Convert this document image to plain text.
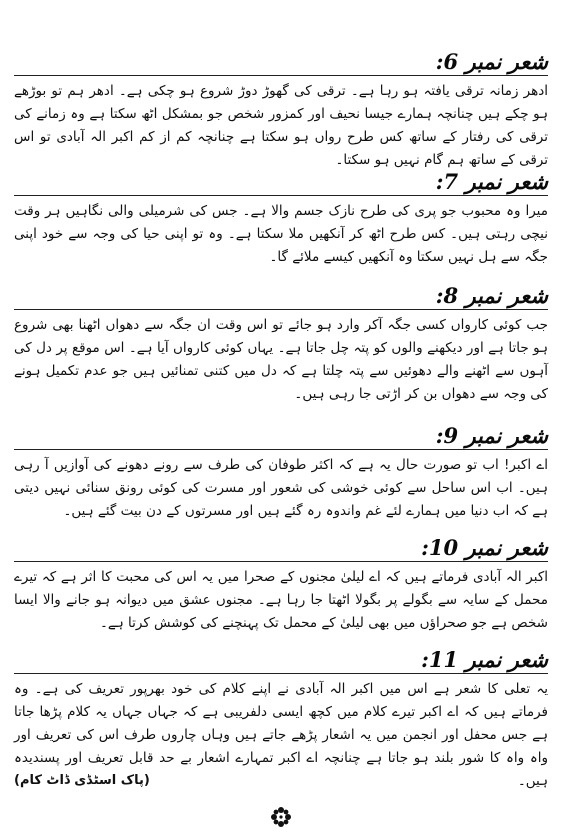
شعر نمبر 6:

ادھر زمانہ ترقی یافتہ ہو رہا ہے۔ ترقی کی گھوڑ دوڑ شروع ہو چکی ہے۔ ادھر ہم تو بوڑھے ہو چکے ہیں چنانچہ ہمارے جیسا نحیف اور کمزور شخص جو بمشکل اٹھ سکتا ہے وہ زمانے کی ترقی کی رفتار کے ساتھ کس طرح رواں ہو سکتا ہے چنانچہ کم از کم اکبر الہ آبادی تو اس ترقی کے ساتھ ہم گام نہیں ہو سکتا۔

شعر نمبر 7:

میرا وہ محبوب جو پری کی طرح نازک جسم والا ہے۔ جس کی شرمیلی والی نگاہیں ہر وقت نیچی رہتی ہیں۔ کس طرح اٹھ کر آنکھیں ملا سکتا ہے۔ وہ تو اپنی حیا کی وجہ سے خود اپنی جگہ سے ہل نہیں سکتا وہ آنکھیں کیسے ملائے گا۔

شعر نمبر 8:

جب کوئی کارواں کسی جگہ آکر وارد ہو جائے تو اس وقت ان جگہ سے دھواں اٹھنا بھی شروع ہو جاتا ہے اور دیکھنے والوں کو پتہ چل جاتا ہے۔ یہاں کوئی کارواں آیا ہے۔ اس موقع پر دل کی آہوں سے اٹھنے والے دھوئیں سے پتہ چلتا ہے کہ دل میں کتنی تمنائیں ہیں جو عدم تکمیل ہونے کی وجہ سے دھواں بن کر اڑتی جا رہی ہیں۔

شعر نمبر 9:

اے اکبر! اب تو صورت حال یہ ہے کہ اکثر طوفان کی طرف سے رونے دھونے کی آوازیں آ رہی ہیں۔ اب اس ساحل سے کوئی خوشی کی شعور اور مسرت کی کوئی رونق سنائی نہیں دیتی ہے کہ اب دنیا میں ہمارے لئے غم واندوہ رہ گئے ہیں اور مسرتوں کے دن بیت گئے ہیں۔

شعر نمبر 10:

اکبر الہ آبادی فرماتے ہیں کہ اے لیلیٰ مجنوں کے صحرا میں یہ اس کی محبت کا اثر ہے کہ تیرے محمل کے سایہ سے بگولے پر بگولا اٹھتا جا رہا ہے۔ مجنوں عشق میں دیوانہ ہو جانے والا ایسا شخص ہے جو صحراؤں میں بھی لیلیٰ کے محمل تک پہنچنے کی کوشش کرتا ہے۔

شعر نمبر 11:

یہ تعلی کا شعر ہے اس میں اکبر الہ آبادی نے اپنے کلام کی خود بھرپور تعریف کی ہے۔ وہ فرماتے ہیں کہ اے اکبر تیرے کلام میں کچھ ایسی دلفریبی ہے کہ جہاں جہاں یہ کلام پڑھا جاتا ہے جس محفل اور انجمن میں یہ اشعار پڑھے جاتے ہیں وہاں چاروں طرف اس کی تعریف اور واہ واہ کا شور بلند ہو جاتا ہے چنانچہ اے اکبر تمہارے اشعار بے حد قابل تعریف اور پسندیدہ ہیں۔

(پاک اسٹڈی ڈاٹ کام)
